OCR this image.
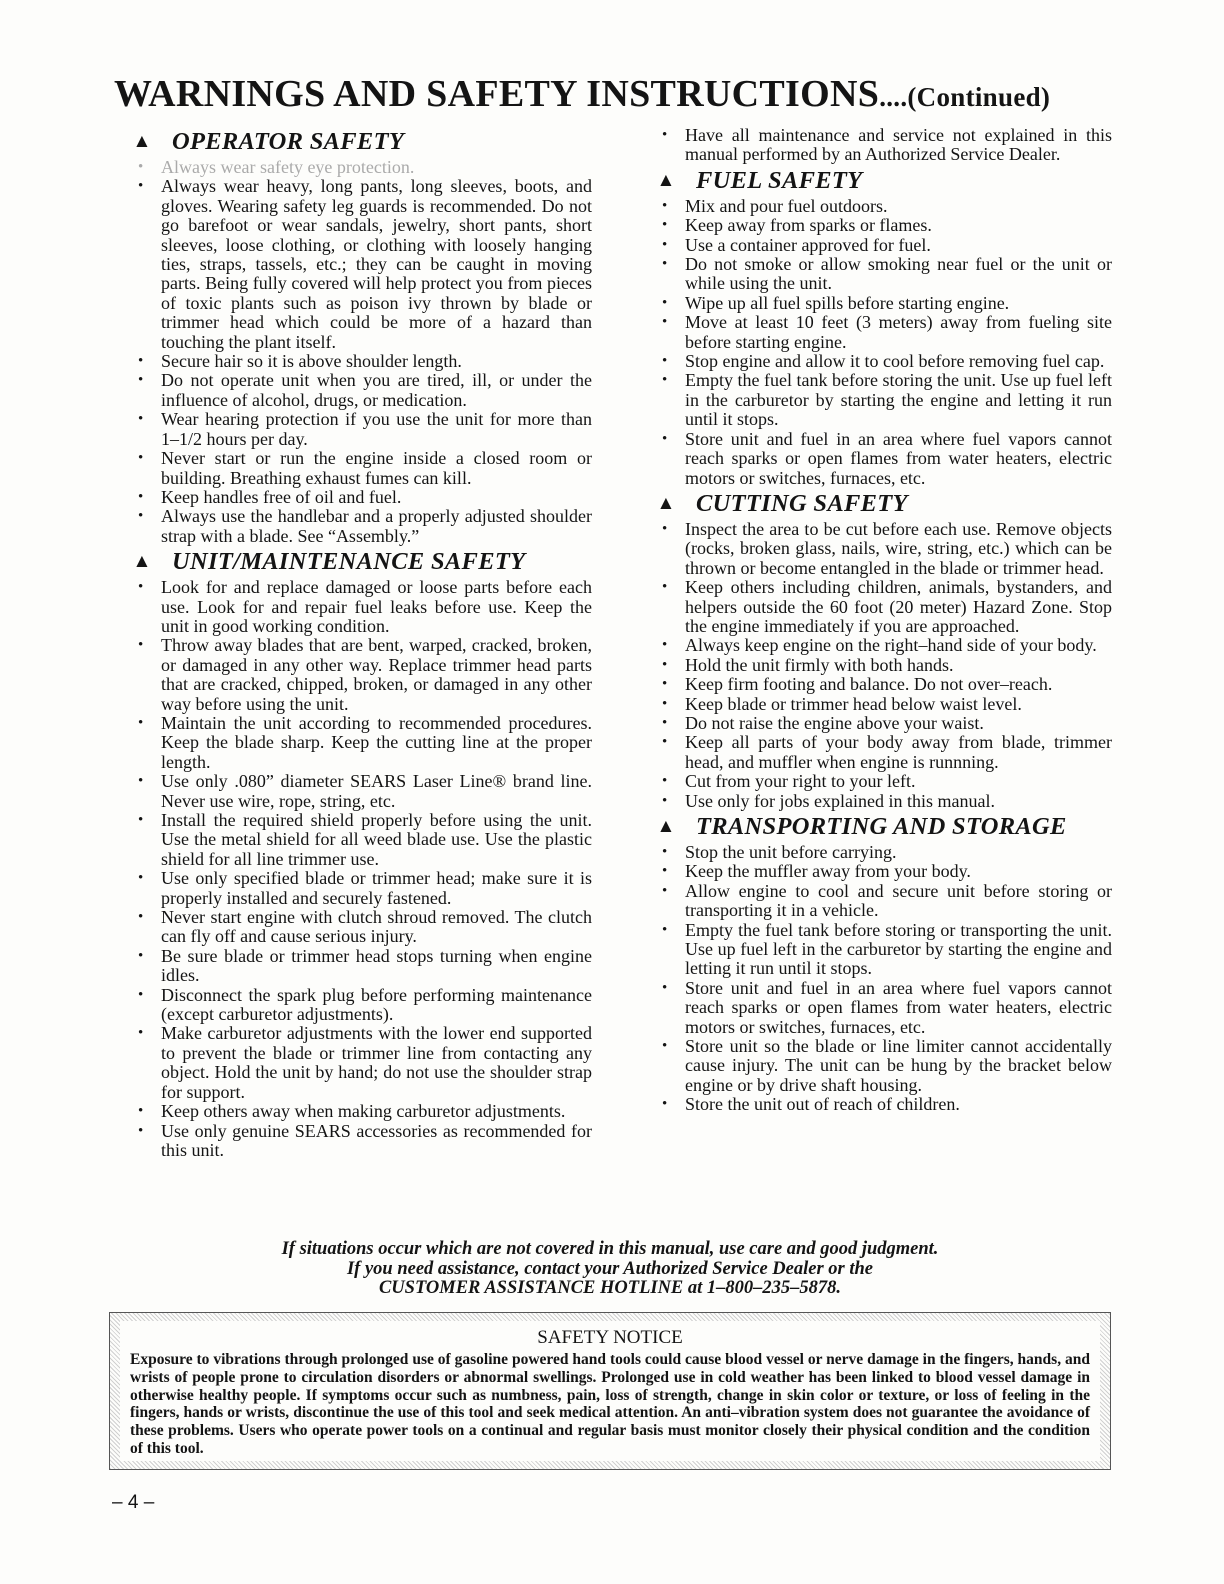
WARNINGS AND SAFETY INSTRUCTIONS....(Continued)
▲ OPERATOR SAFETY
• Always wear safety eye protection.
• Always wear heavy, long pants, long sleeves, boots, and gloves. Wearing safety leg guards is recommended. Do not go barefoot or wear sandals, jewelry, short pants, short sleeves, loose clothing, or clothing with loosely hanging ties, straps, tassels, etc.; they can be caught in moving parts. Being fully covered will help protect you from pieces of toxic plants such as poison ivy thrown by blade or trimmer head which could be more of a hazard than touching the plant itself.
• Secure hair so it is above shoulder length.
• Do not operate unit when you are tired, ill, or under the influence of alcohol, drugs, or medication.
• Wear hearing protection if you use the unit for more than 1–1/2 hours per day.
• Never start or run the engine inside a closed room or building. Breathing exhaust fumes can kill.
• Keep handles free of oil and fuel.
• Always use the handlebar and a properly adjusted shoulder strap with a blade. See “Assembly.”
▲ UNIT/MAINTENANCE SAFETY
• Look for and replace damaged or loose parts before each use. Look for and repair fuel leaks before use. Keep the unit in good working condition.
• Throw away blades that are bent, warped, cracked, broken, or damaged in any other way. Replace trimmer head parts that are cracked, chipped, broken, or damaged in any other way before using the unit.
• Maintain the unit according to recommended procedures. Keep the blade sharp. Keep the cutting line at the proper length.
• Use only .080” diameter SEARS Laser Line® brand line. Never use wire, rope, string, etc.
• Install the required shield properly before using the unit. Use the metal shield for all weed blade use. Use the plastic shield for all line trimmer use.
• Use only specified blade or trimmer head; make sure it is properly installed and securely fastened.
• Never start engine with clutch shroud removed. The clutch can fly off and cause serious injury.
• Be sure blade or trimmer head stops turning when engine idles.
• Disconnect the spark plug before performing maintenance (except carburetor adjustments).
• Make carburetor adjustments with the lower end supported to prevent the blade or trimmer line from contacting any object. Hold the unit by hand; do not use the shoulder strap for support.
• Keep others away when making carburetor adjustments.
• Use only genuine SEARS accessories as recommended for this unit.
• Have all maintenance and service not explained in this manual performed by an Authorized Service Dealer.
▲ FUEL SAFETY
• Mix and pour fuel outdoors.
• Keep away from sparks or flames.
• Use a container approved for fuel.
• Do not smoke or allow smoking near fuel or the unit or while using the unit.
• Wipe up all fuel spills before starting engine.
• Move at least 10 feet (3 meters) away from fueling site before starting engine.
• Stop engine and allow it to cool before removing fuel cap.
• Empty the fuel tank before storing the unit. Use up fuel left in the carburetor by starting the engine and letting it run until it stops.
• Store unit and fuel in an area where fuel vapors cannot reach sparks or open flames from water heaters, electric motors or switches, furnaces, etc.
▲ CUTTING SAFETY
• Inspect the area to be cut before each use. Remove objects (rocks, broken glass, nails, wire, string, etc.) which can be thrown or become entangled in the blade or trimmer head.
• Keep others including children, animals, bystanders, and helpers outside the 60 foot (20 meter) Hazard Zone. Stop the engine immediately if you are approached.
• Always keep engine on the right–hand side of your body.
• Hold the unit firmly with both hands.
• Keep firm footing and balance. Do not over–reach.
• Keep blade or trimmer head below waist level.
• Do not raise the engine above your waist.
• Keep all parts of your body away from blade, trimmer head, and muffler when engine is runnning.
• Cut from your right to your left.
• Use only for jobs explained in this manual.
▲ TRANSPORTING AND STORAGE
• Stop the unit before carrying.
• Keep the muffler away from your body.
• Allow engine to cool and secure unit before storing or transporting it in a vehicle.
• Empty the fuel tank before storing or transporting the unit. Use up fuel left in the carburetor by starting the engine and letting it run until it stops.
• Store unit and fuel in an area where fuel vapors cannot reach sparks or open flames from water heaters, electric motors or switches, furnaces, etc.
• Store unit so the blade or line limiter cannot accidentally cause injury. The unit can be hung by the bracket below engine or by drive shaft housing.
• Store the unit out of reach of children.
If situations occur which are not covered in this manual, use care and good judgment.
If you need assistance, contact your Authorized Service Dealer or the
CUSTOMER ASSISTANCE HOTLINE at 1–800–235–5878.
SAFETY NOTICE
Exposure to vibrations through prolonged use of gasoline powered hand tools could cause blood vessel or nerve damage in the fingers, hands, and wrists of people prone to circulation disorders or abnormal swellings. Prolonged use in cold weather has been linked to blood vessel damage in otherwise healthy people. If symptoms occur such as numbness, pain, loss of strength, change in skin color or texture, or loss of feeling in the fingers, hands or wrists, discontinue the use of this tool and seek medical attention. An anti–vibration system does not guarantee the avoidance of these problems. Users who operate power tools on a continual and regular basis must monitor closely their physical condition and the condition of this tool.
– 4 –
